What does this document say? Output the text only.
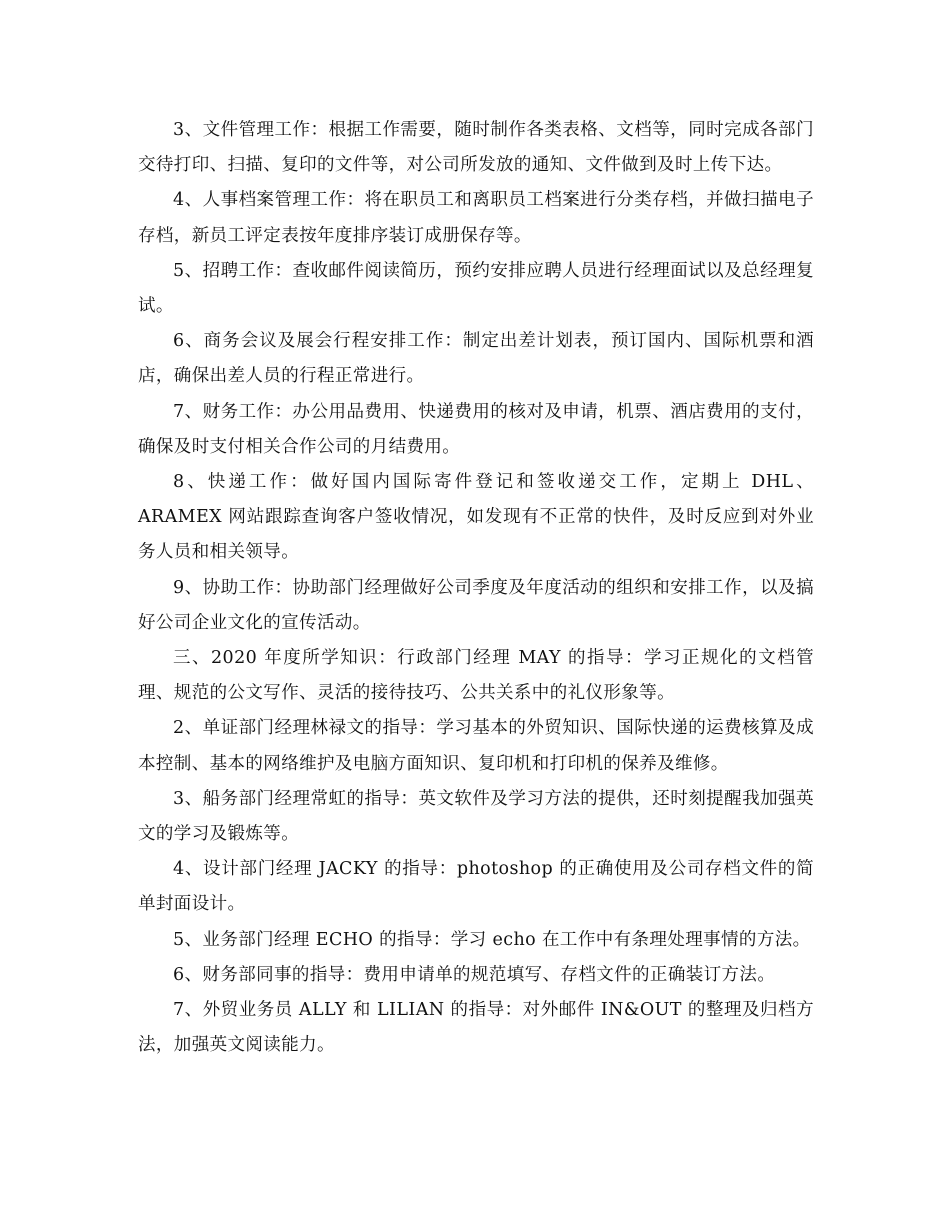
3、文件管理工作：根据工作需要，随时制作各类表格、文档等，同时完成各部门交待打印、扫描、复印的文件等，对公司所发放的通知、文件做到及时上传下达。

4、人事档案管理工作：将在职员工和离职员工档案进行分类存档，并做扫描电子存档，新员工评定表按年度排序装订成册保存等。

5、招聘工作：查收邮件阅读简历，预约安排应聘人员进行经理面试以及总经理复试。

6、商务会议及展会行程安排工作：制定出差计划表，预订国内、国际机票和酒店，确保出差人员的行程正常进行。

7、财务工作：办公用品费用、快递费用的核对及申请，机票、酒店费用的支付，确保及时支付相关合作公司的月结费用。

8、快递工作：做好国内国际寄件登记和签收递交工作，定期上 DHL、ARAMEX 网站跟踪查询客户签收情况，如发现有不正常的快件，及时反应到对外业务人员和相关领导。

9、协助工作：协助部门经理做好公司季度及年度活动的组织和安排工作，以及搞好公司企业文化的宣传活动。

三、2020 年度所学知识：行政部门经理 MAY 的指导：学习正规化的文档管理、规范的公文写作、灵活的接待技巧、公共关系中的礼仪形象等。

2、单证部门经理林禄文的指导：学习基本的外贸知识、国际快递的运费核算及成本控制、基本的网络维护及电脑方面知识、复印机和打印机的保养及维修。

3、船务部门经理常虹的指导：英文软件及学习方法的提供，还时刻提醒我加强英文的学习及锻炼等。

4、设计部门经理 JACKY 的指导：photoshop 的正确使用及公司存档文件的简单封面设计。

5、业务部门经理 ECHO 的指导：学习 echo 在工作中有条理处理事情的方法。

6、财务部同事的指导：费用申请单的规范填写、存档文件的正确装订方法。

7、外贸业务员 ALLY 和 LILIAN 的指导：对外邮件 IN&OUT 的整理及归档方法，加强英文阅读能力。
